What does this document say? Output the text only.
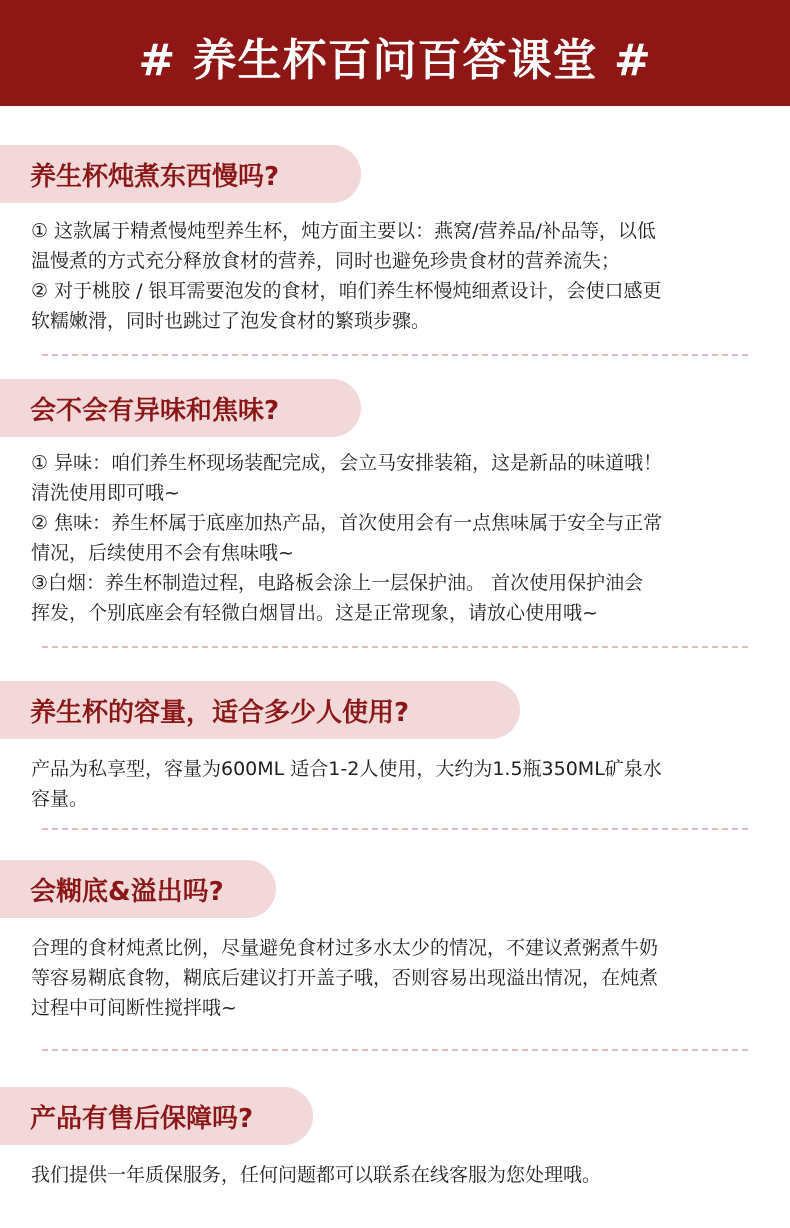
# 养生杯百问百答课堂 #
养生杯炖煮东西慢吗?
① 这款属于精煮慢炖型养生杯，炖方面主要以：燕窝/营养品/补品等，以低
温慢煮的方式充分释放食材的营养，同时也避免珍贵食材的营养流失；
② 对于桃胶 / 银耳需要泡发的食材，咱们养生杯慢炖细煮设计，会使口感更
软糯嫩滑，同时也跳过了泡发食材的繁琐步骤。
会不会有异味和焦味?
① 异味：咱们养生杯现场装配完成，会立马安排装箱，这是新品的味道哦！
清洗使用即可哦~
② 焦味：养生杯属于底座加热产品，首次使用会有一点焦味属于安全与正常
情况，后续使用不会有焦味哦~
③白烟：养生杯制造过程，电路板会涂上一层保护油。 首次使用保护油会
挥发，个别底座会有轻微白烟冒出。这是正常现象，请放心使用哦~
养生杯的容量，适合多少人使用?
产品为私享型，容量为600ML 适合1-2人使用，大约为1.5瓶350ML矿泉水
容量。
会糊底&溢出吗?
合理的食材炖煮比例，尽量避免食材过多水太少的情况，不建议煮粥煮牛奶
等容易糊底食物，糊底后建议打开盖子哦，否则容易出现溢出情况，在炖煮
过程中可间断性搅拌哦~
产品有售后保障吗?
我们提供一年质保服务，任何问题都可以联系在线客服为您处理哦。
